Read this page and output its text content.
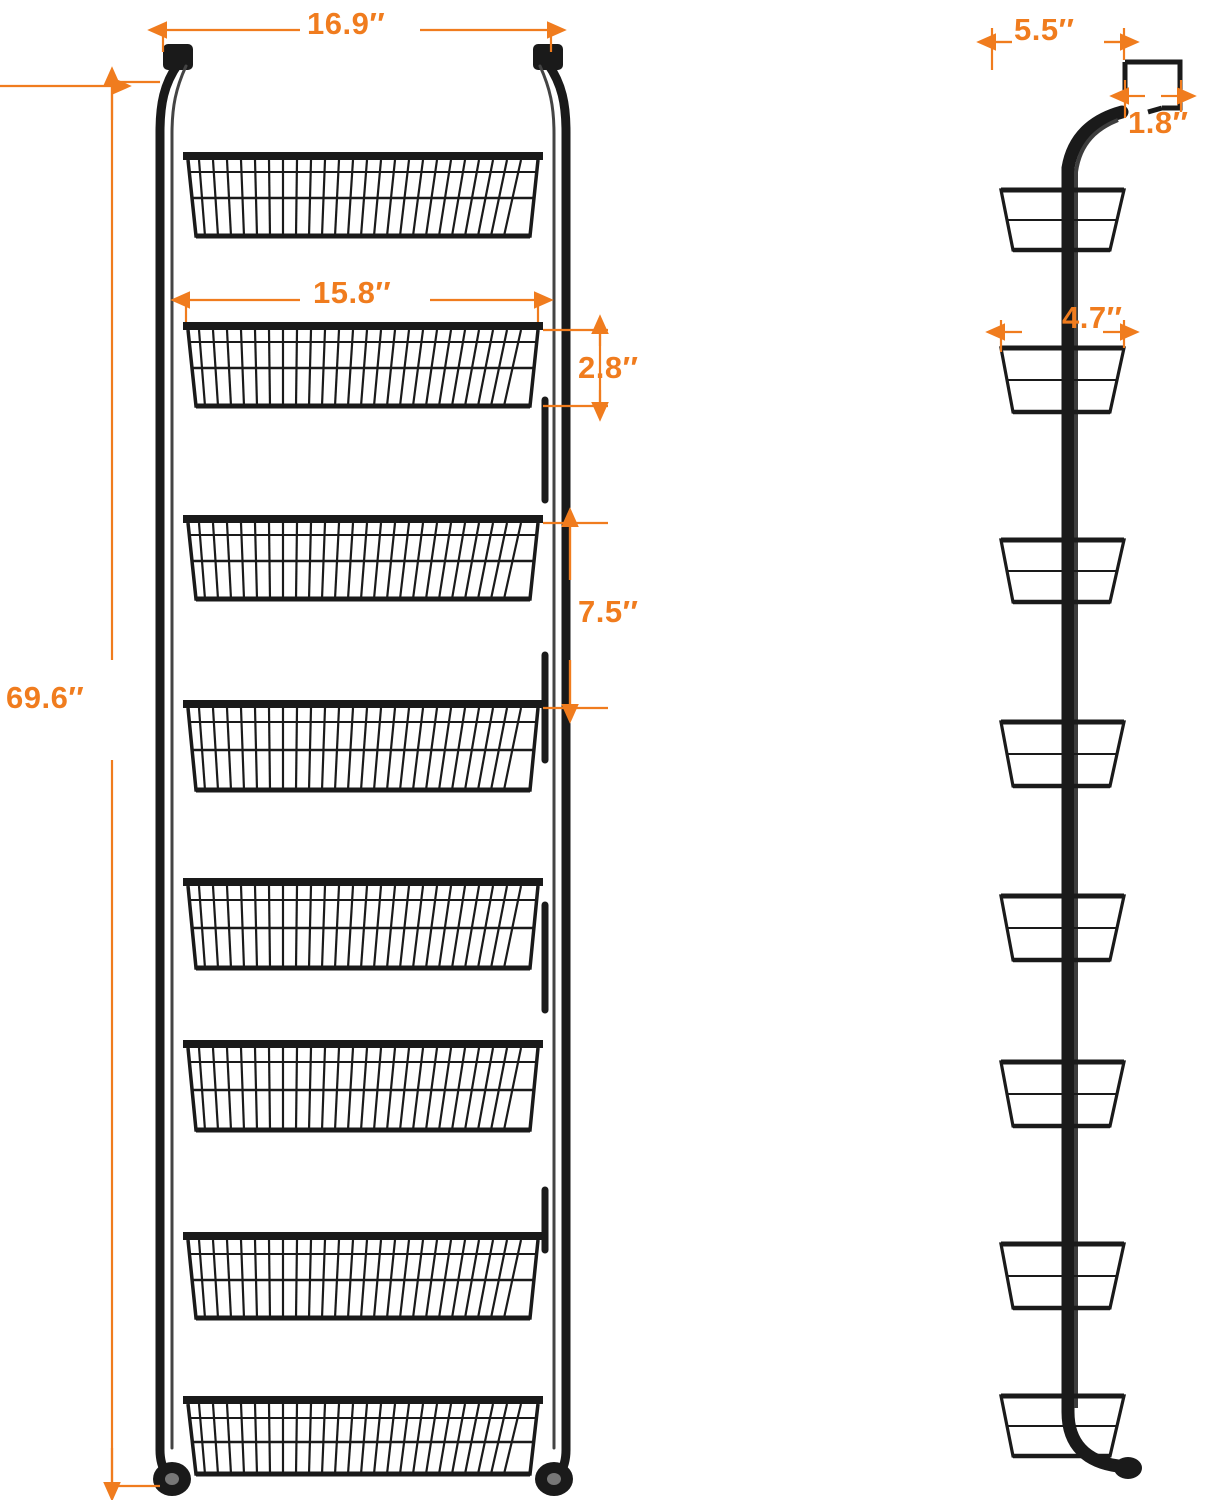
16.9′′
15.8′′
69.6′′
2.8′′
7.5′′
5.5′′
1.8′′
4.7′′
